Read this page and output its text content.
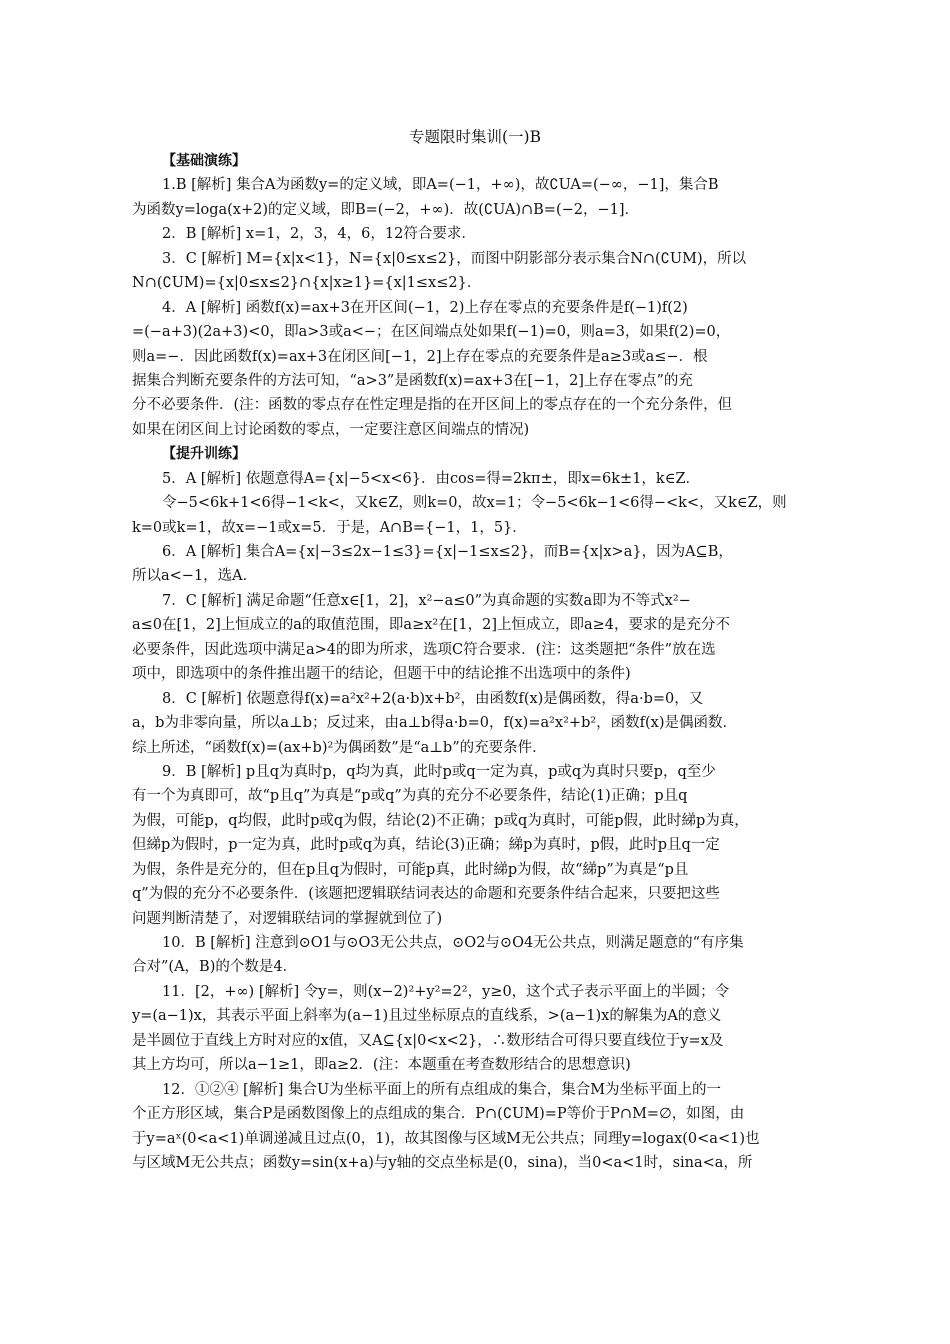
专题限时集训(一)B
【基础演练】
1.B [解析] 集合A为函数y=的定义域，即A=(−1，+∞)，故∁UA=(−∞，−1]，集合B
为函数y=loga(x+2)的定义域，即B=(−2，+∞)．故(∁UA)∩B=(−2，−1]．
2．B [解析] x=1，2，3，4，6，12符合要求．
3．C [解析] M={x|x<1}，N={x|0≤x≤2}，而图中阴影部分表示集合N∩(∁UM)，所以
N∩(∁UM)={x|0≤x≤2}∩{x|x≥1}={x|1≤x≤2}．
4．A [解析] 函数f(x)=ax+3在开区间(−1，2)上存在零点的充要条件是f(−1)f(2)
=(−a+3)(2a+3)<0，即a>3或a<−；在区间端点处如果f(−1)=0，则a=3，如果f(2)=0，
则a=−．因此函数f(x)=ax+3在闭区间[−1，2]上存在零点的充要条件是a≥3或a≤−．根
据集合判断充要条件的方法可知，“a>3”是函数f(x)=ax+3在[−1，2]上存在零点”的充
分不必要条件．(注：函数的零点存在性定理是指的在开区间上的零点存在的一个充分条件，但
如果在闭区间上讨论函数的零点，一定要注意区间端点的情况)
【提升训练】
5．A [解析] 依题意得A={x|−5<x<6}．由cos=得=2kπ±，即x=6k±1，k∈Z．
令−5<6k+1<6得−1<k<，又k∈Z，则k=0，故x=1；令−5<6k−1<6得−<k<，又k∈Z，则
k=0或k=1，故x=−1或x=5．于是，A∩B={−1，1，5}．
6．A [解析] 集合A={x|−3≤2x−1≤3}={x|−1≤x≤2}，而B={x|x>a}，因为A⊆B，
所以a<−1，选A．
7．C [解析] 满足命题“任意x∈[1，2]，x²−a≤0”为真命题的实数a即为不等式x²−
a≤0在[1，2]上恒成立的a的取值范围，即a≥x²在[1，2]上恒成立，即a≥4，要求的是充分不
必要条件，因此选项中满足a>4的即为所求，选项C符合要求．(注：这类题把“条件”放在选
项中，即选项中的条件推出题干的结论，但题干中的结论推不出选项中的条件)
8．C [解析] 依题意得f(x)=a²x²+2(a·b)x+b²，由函数f(x)是偶函数，得a·b=0，又
a，b为非零向量，所以a⊥b；反过来，由a⊥b得a·b=0，f(x)=a²x²+b²，函数f(x)是偶函数．
综上所述，“函数f(x)=(ax+b)²为偶函数”是“a⊥b”的充要条件．
9．B [解析] p且q为真时p，q均为真，此时p或q一定为真，p或q为真时只要p，q至少
有一个为真即可，故“p且q”为真是“p或q”为真的充分不必要条件，结论(1)正确；p且q
为假，可能p，q均假，此时p或q为假，结论(2)不正确；p或q为真时，可能p假，此时綈p为真，
但綈p为假时，p一定为真，此时p或q为真，结论(3)正确；綈p为真时，p假，此时p且q一定
为假，条件是充分的，但在p且q为假时，可能p真，此时綈p为假，故“綈p”为真是“p且
q”为假的充分不必要条件．(该题把逻辑联结词表达的命题和充要条件结合起来，只要把这些
问题判断清楚了，对逻辑联结词的掌握就到位了)
10．B [解析] 注意到⊙O1与⊙O3无公共点，⊙O2与⊙O4无公共点，则满足题意的“有序集
合对”(A，B)的个数是4．
11．[2，+∞) [解析] 令y=，则(x−2)²+y²=2²，y≥0，这个式子表示平面上的半圆；令
y=(a−1)x，其表示平面上斜率为(a−1)且过坐标原点的直线系，>(a−1)x的解集为A的意义
是半圆位于直线上方时对应的x值，又A⊆{x|0<x<2}，∴数形结合可得只要直线位于y=x及
其上方均可，所以a−1≥1，即a≥2．(注：本题重在考查数形结合的思想意识)
12．①②④ [解析] 集合U为坐标平面上的所有点组成的集合，集合M为坐标平面上的一
个正方形区域，集合P是函数图像上的点组成的集合．P∩(∁UM)=P等价于P∩M=∅，如图，由
于y=aˣ(0<a<1)单调递减且过点(0，1)，故其图像与区域M无公共点；同理y=logax(0<a<1)也
与区域M无公共点；函数y=sin(x+a)与y轴的交点坐标是(0，sina)，当0<a<1时，sina<a，所
